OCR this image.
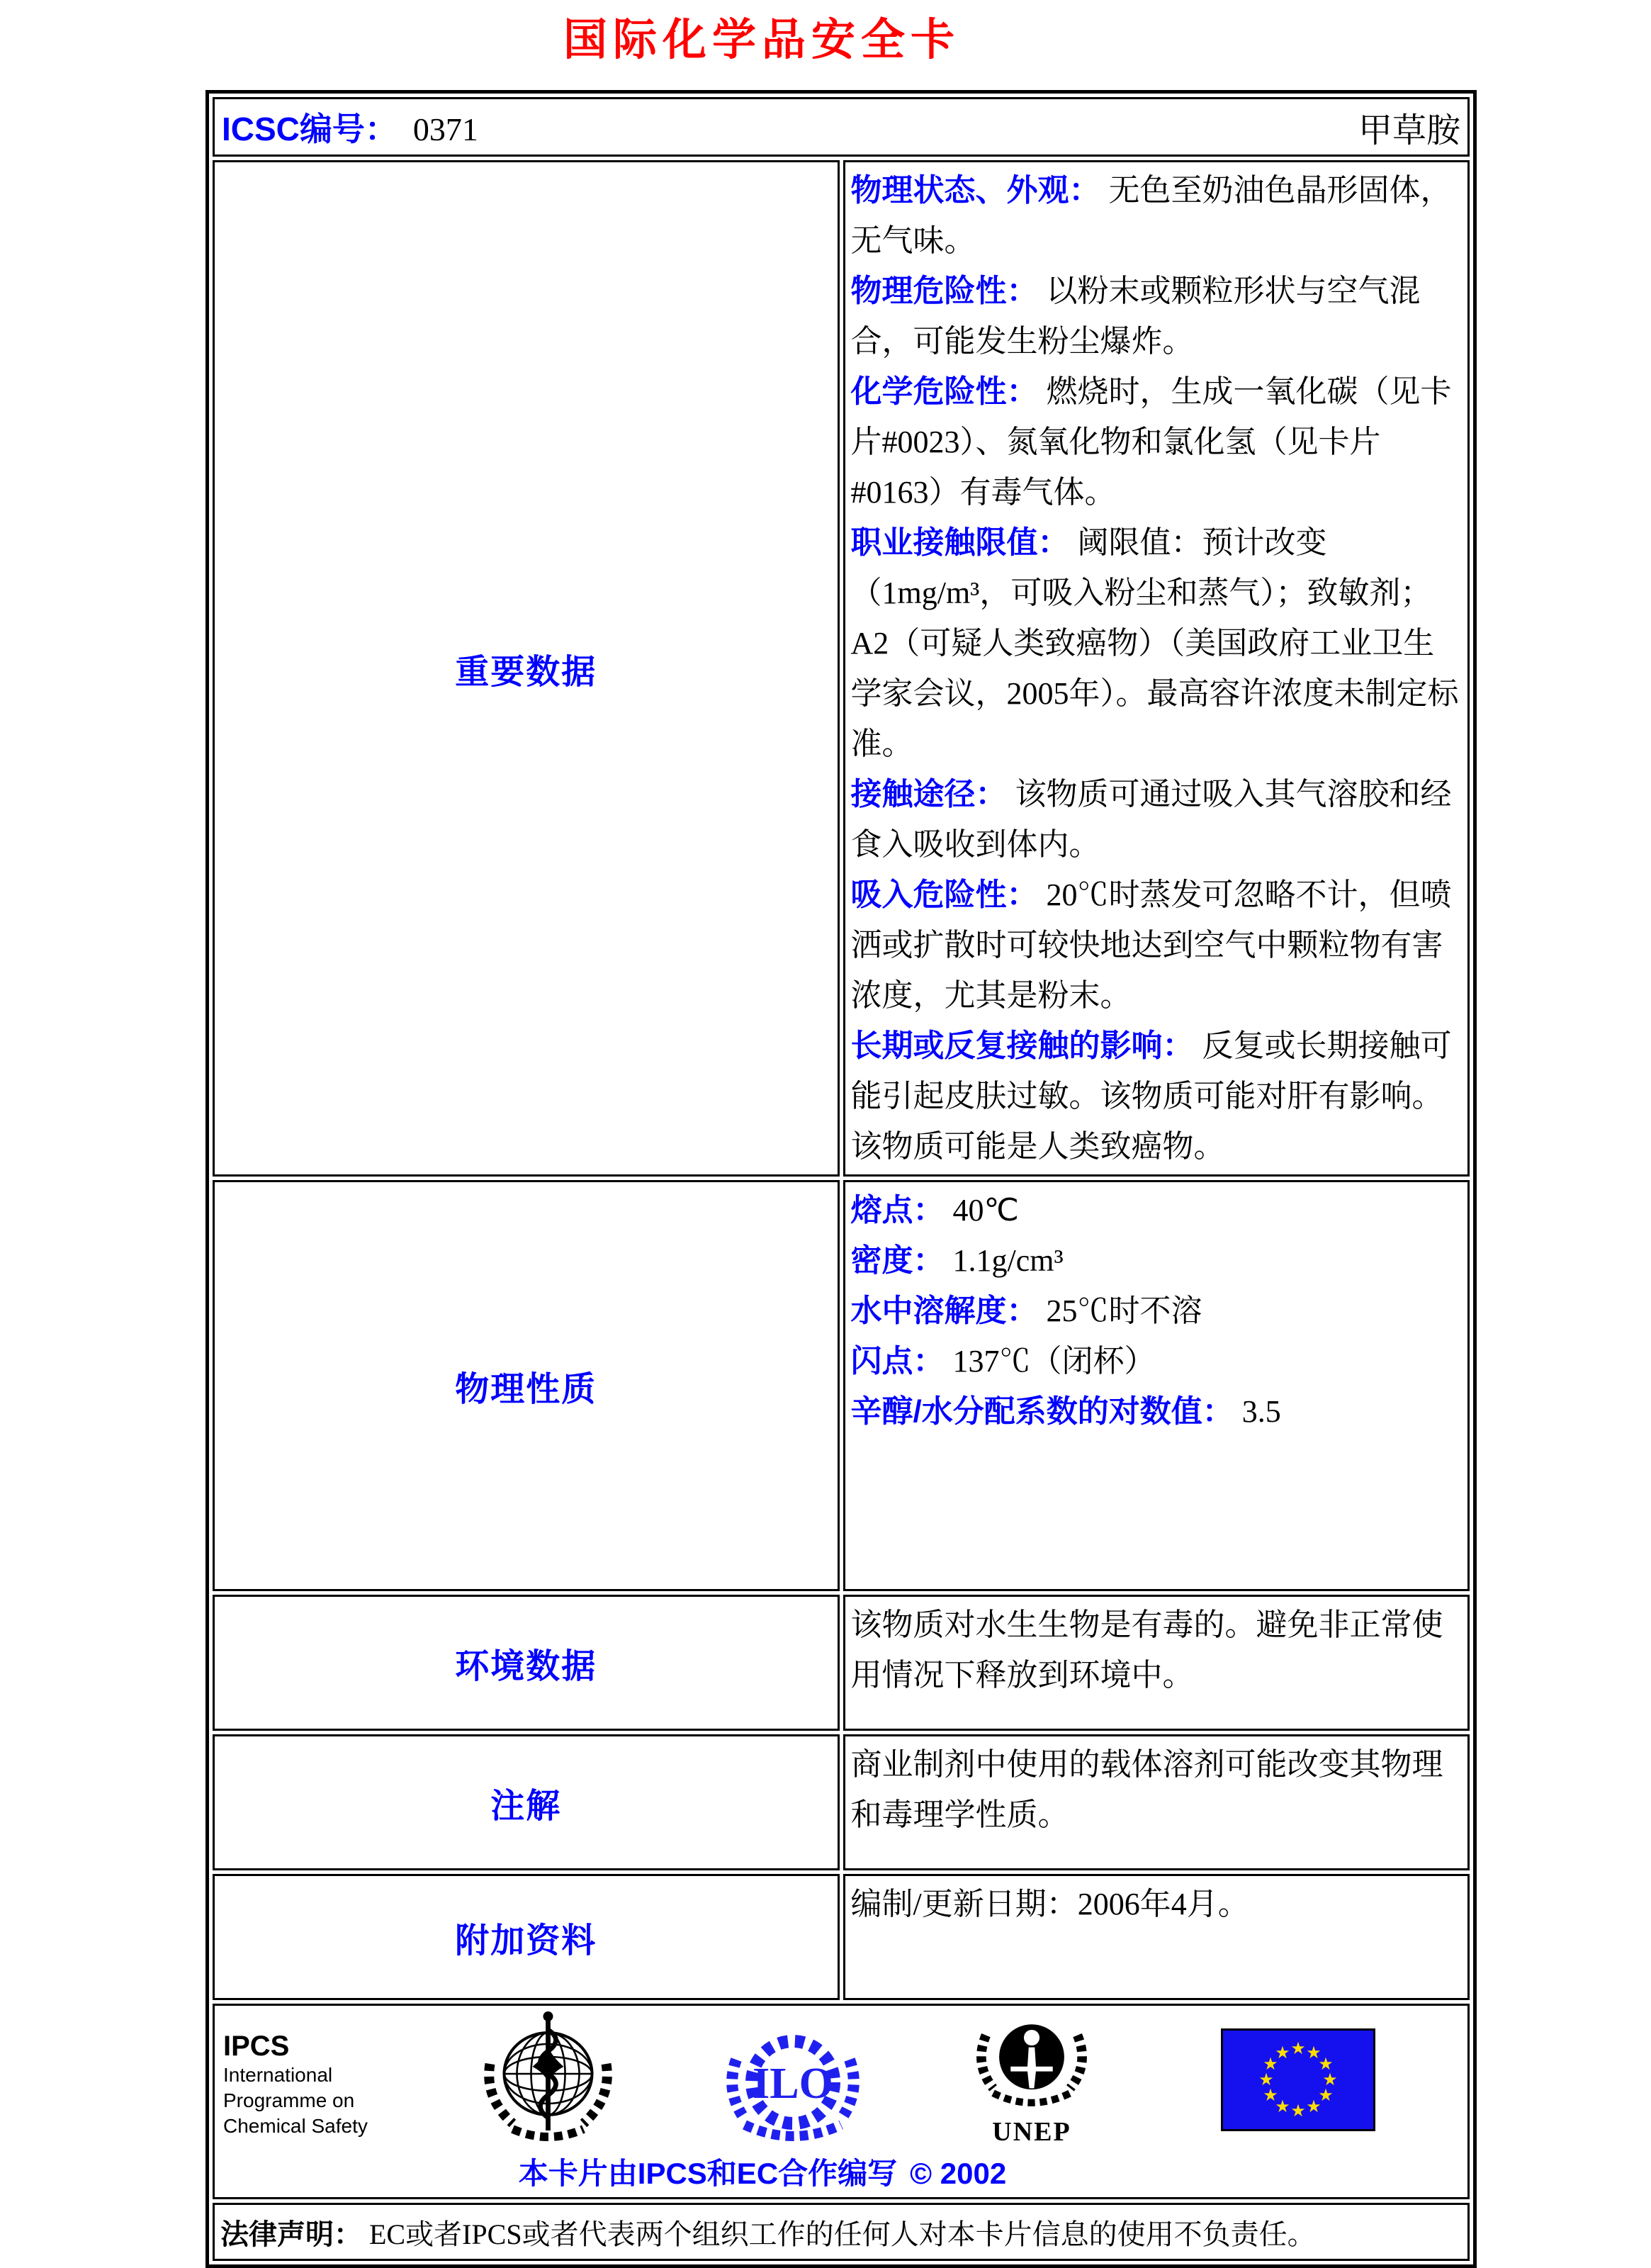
国际化学品安全卡
ICSC编号： 0371 甲草胺	

重要数据	物理状态、外观： 无色至奶油色晶形固体，无气味。
物理危险性： 以粉末或颗粒形状与空气混合，可能发生粉尘爆炸。
化学危险性： 燃烧时，生成一氧化碳（见卡片#0023）、氮氧化物和氯化氢（见卡片#0163）有毒气体。
职业接触限值： 阈限值：预计改变（1mg/m³，可吸入粉尘和蒸气）；致敏剂；A2（可疑人类致癌物）（美国政府工业卫生学家会议，2005年）。最高容许浓度未制定标准。
接触途径： 该物质可通过吸入其气溶胶和经食入吸收到体内。
吸入危险性： 20℃时蒸发可忽略不计，但喷洒或扩散时可较快地达到空气中颗粒物有害浓度，尤其是粉末。
长期或反复接触的影响： 反复或长期接触可能引起皮肤过敏。该物质可能对肝有影响。该物质可能是人类致癌物。
物理性质	熔点： 40℃
密度： 1.1g/cm³
水中溶解度： 25℃时不溶
闪点： 137℃（闭杯）
辛醇/水分配系数的对数值： 3.5
环境数据	该物质对水生生物是有毒的。避免非正常使用情况下释放到环境中。
注解	商业制剂中使用的载体溶剂可能改变其物理和毒理学性质。
附加资料	编制/更新日期：2006年4月。

IPCS
International
Programme on
Chemical Safety
ILO
UNEP
★ ★
★
★
★
★
★
★
★
★
★
★
本卡片由IPCS和EC合作编写 © 2002

法律声明： EC或者IPCS或者代表两个组织工作的任何人对本卡片信息的使用不负责任。	
